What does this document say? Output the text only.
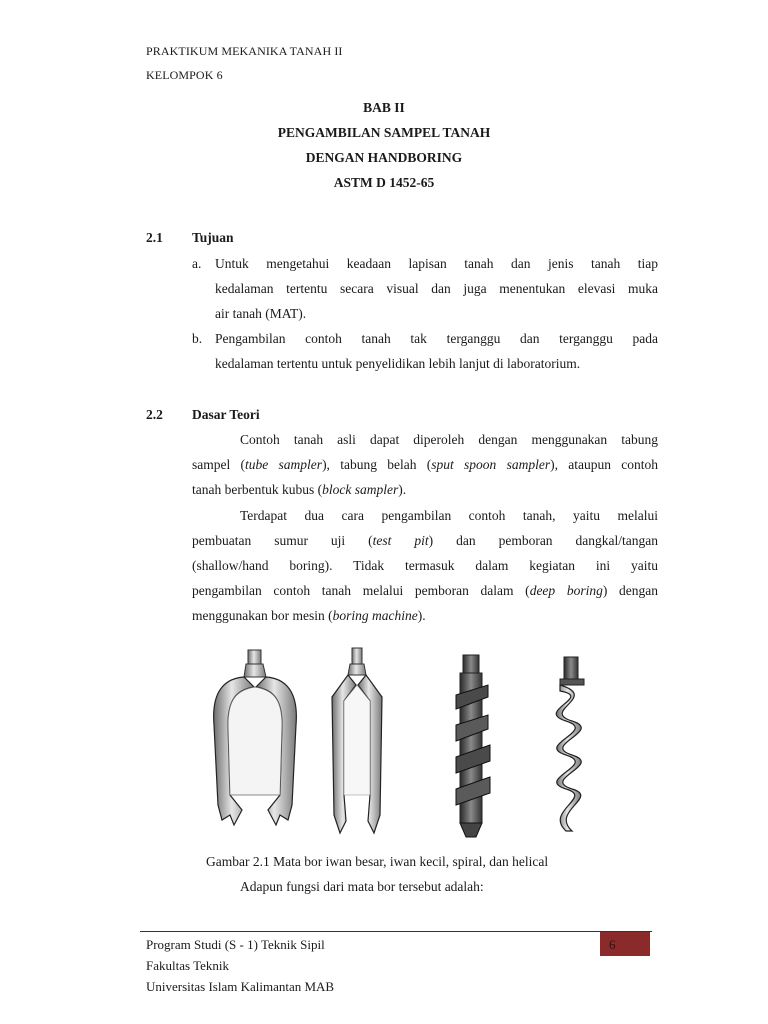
PRAKTIKUM MEKANIKA TANAH II
KELOMPOK 6
BAB II
PENGAMBILAN SAMPEL TANAH
DENGAN HANDBORING
ASTM D 1452-65
2.1 Tujuan
a. Untuk mengetahui keadaan lapisan tanah dan jenis tanah tiap
kedalaman tertentu secara visual dan juga menentukan elevasi muka
air tanah (MAT).
b. Pengambilan contoh tanah tak terganggu dan terganggu pada
kedalaman tertentu untuk penyelidikan lebih lanjut di laboratorium.
2.2 Dasar Teori
Contoh tanah asli dapat diperoleh dengan menggunakan tabung
sampel (tube sampler), tabung belah (sput spoon sampler), ataupun contoh
tanah berbentuk kubus (block sampler).
Terdapat dua cara pengambilan contoh tanah, yaitu melalui
pembuatan sumur uji (test pit) dan pemboran dangkal/tangan
(shallow/hand boring). Tidak termasuk dalam kegiatan ini yaitu
pengambilan contoh tanah melalui pemboran dalam (deep boring) dengan
menggunakan bor mesin (boring machine).
Gambar 2.1 Mata bor iwan besar, iwan kecil, spiral, dan helical
Adapun fungsi dari mata bor tersebut adalah:
6
Program Studi (S - 1) Teknik Sipil
Fakultas Teknik
Universitas Islam Kalimantan MAB
